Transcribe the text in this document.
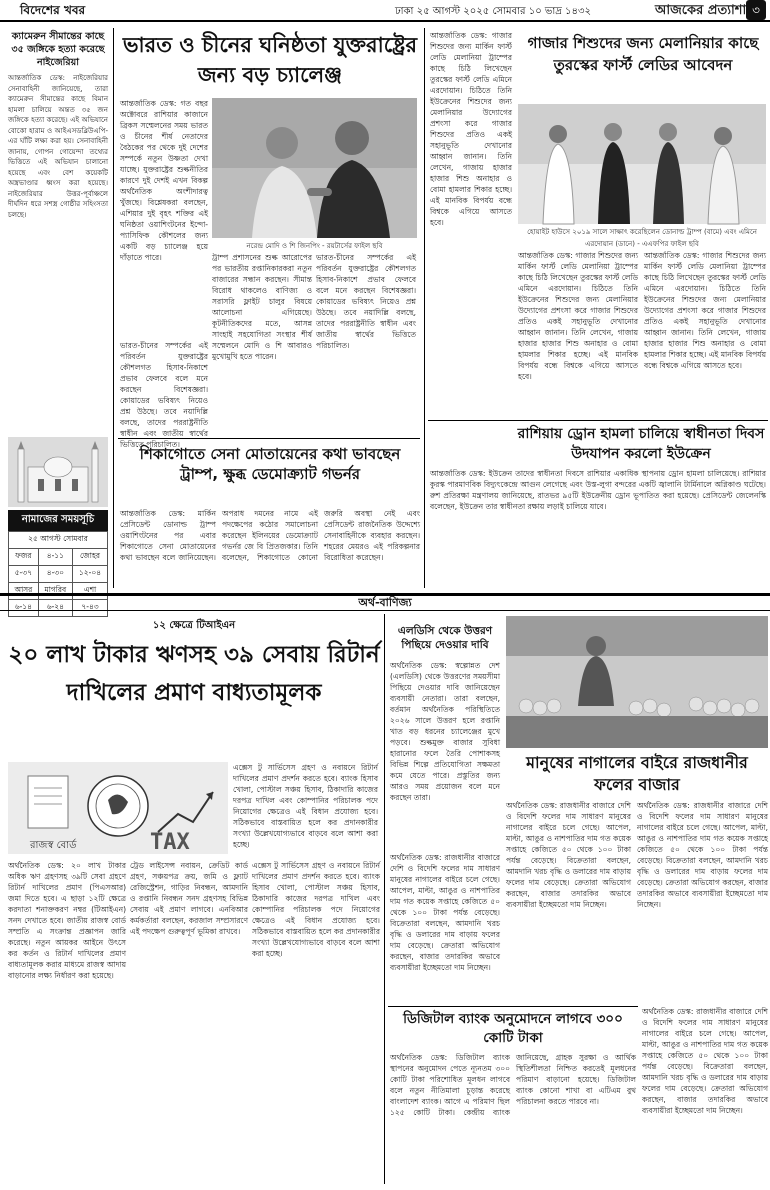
বিদেশের খবর	ঢাকা ২৫ আগস্ট ২০২৫ সোমবার ১০ ভাদ্র ১৪৩২	আজকের প্রত্যাশা ৩
ক্যামেরুন সীমান্তের কাছে ৩৫ জঙ্গিকে হত্যা করেছে নাইজেরিয়া
আন্তর্জাতিক ডেস্ক: নাইজেরিয়ার সেনাবাহিনী জানিয়েছে, তারা ক্যামেরুন সীমান্তের কাছে বিমান হামলা চালিয়ে অন্তত ৩৫ জন জঙ্গিকে হত্যা করেছে। এই অভিযানে বোকো হারাম ও আইএসডব্লিউএপি-এর ঘাঁটি লক্ষ্য করা হয়। সেনাবাহিনী জানায়, গোপন গোয়েন্দা তথ্যের ভিত্তিতে এই অভিযান চালানো হয়েছে এবং বেশ কয়েকটি অস্ত্রভাণ্ডার ধ্বংস করা হয়েছে। নাইজেরিয়ার উত্তর-পূর্বাঞ্চলে দীর্ঘদিন ধরে সশস্ত্র গোষ্ঠীর সহিংসতা চলছে।
নামাজের সময়সূচি
২৫ আগস্ট সোমবার
ফজর	৪-১১	জোহর
৫-৩৭	৪-৩০	১২-০৪
আসর	মাগরিব	এশা
৬-১৪	৬-২৪	৭-৪৩
ভারত ও চীনের ঘনিষ্ঠতা যুক্তরাষ্ট্রের জন্য বড় চ্যালেঞ্জ
আন্তর্জাতিক ডেস্ক: গত বছর অক্টোবরে রাশিয়ার কাজানে ব্রিকস সম্মেলনের সময় ভারত ও চীনের শীর্ষ নেতাদের বৈঠকের পর থেকে দুই দেশের সম্পর্কে নতুন উষ্ণতা দেখা যাচ্ছে। যুক্তরাষ্ট্রের শুল্কনীতির কারণে দুই দেশই এখন বিকল্প অর্থনৈতিক অংশীদারত্ব খুঁজছে। বিশ্লেষকরা বলছেন, এশিয়ার দুই বৃহৎ শক্তির এই ঘনিষ্ঠতা ওয়াশিংটনের ইন্দো-প্যাসিফিক কৌশলের জন্য একটি বড় চ্যালেঞ্জ হয়ে দাঁড়াতে পারে।
নরেন্দ্র মোদি ও শি জিনপিং - রয়টার্সের ফাইল ছবি
ট্রাম্প প্রশাসনের শুল্ক আরোপের পর ভারতীয় রপ্তানিকারকরা নতুন বাজারের সন্ধান করছেন। সীমান্ত বিরোধ থাকলেও বাণিজ্য ও সরাসরি ফ্লাইট চালুর বিষয়ে আলোচনা এগিয়েছে। কূটনীতিকদের মতে, আসন্ন সাংহাই সহযোগিতা সংস্থার শীর্ষ সম্মেলনে মোদি ও শি আবারও মুখোমুখি হতে পারেন।
ভারত-চীনের সম্পর্কের এই পরিবর্তন যুক্তরাষ্ট্রের কৌশলগত হিসাব-নিকাশে প্রভাব ফেলবে বলে মনে করছেন বিশেষজ্ঞরা। কোয়াডের ভবিষ্যৎ নিয়েও প্রশ্ন উঠছে। তবে নয়াদিল্লি বলছে, তাদের পররাষ্ট্রনীতি স্বাধীন এবং জাতীয় স্বার্থের ভিত্তিতে পরিচালিত।
ভারত-চীনের সম্পর্কের এই পরিবর্তন যুক্তরাষ্ট্রের কৌশলগত হিসাব-নিকাশে প্রভাব ফেলবে বলে মনে করছেন বিশেষজ্ঞরা। কোয়াডের ভবিষ্যৎ নিয়েও প্রশ্ন উঠছে। তবে নয়াদিল্লি বলছে, তাদের পররাষ্ট্রনীতি স্বাধীন এবং জাতীয় স্বার্থের ভিত্তিতে পরিচালিত।
শিকাগোতে সেনা মোতায়েনের কথা ভাবছেন ট্রাম্প, ক্ষুব্ধ ডেমোক্র্যাট গভর্নর
আন্তর্জাতিক ডেস্ক: মার্কিন প্রেসিডেন্ট ডোনাল্ড ট্রাম্প ওয়াশিংটনের পর এবার শিকাগোতে সেনা মোতায়েনের কথা ভাবছেন বলে জানিয়েছেন। অপরাধ দমনের নামে এই পদক্ষেপের কঠোর সমালোচনা করেছেন ইলিনয়ের ডেমোক্র্যাট গভর্নর জে বি প্রিতজকার। তিনি বলেছেন, শিকাগোতে কোনো জরুরি অবস্থা নেই এবং প্রেসিডেন্ট রাজনৈতিক উদ্দেশ্যে সেনাবাহিনীকে ব্যবহার করছেন। শহরের মেয়রও এই পরিকল্পনার বিরোধিতা করেছেন।
আন্তর্জাতিক ডেস্ক: গাজার শিশুদের জন্য মার্কিন ফার্স্ট লেডি মেলানিয়া ট্রাম্পের কাছে চিঠি লিখেছেন তুরস্কের ফার্স্ট লেডি এমিনে এরদোয়ান। চিঠিতে তিনি ইউক্রেনের শিশুদের জন্য মেলানিয়ার উদ্যোগের প্রশংসা করে গাজার শিশুদের প্রতিও একই সহানুভূতি দেখানোর আহ্বান জানান। তিনি লেখেন, গাজায় হাজার হাজার শিশু অনাহার ও বোমা হামলার শিকার হচ্ছে। এই মানবিক বিপর্যয় বন্ধে বিশ্বকে এগিয়ে আসতে হবে।
গাজার শিশুদের জন্য মেলানিয়ার কাছে তুরস্কের ফার্স্ট লেডির আবেদন
হোয়াইট হাউসে ২০১৯ সালে সাক্ষাৎ করেছিলেন ডোনাল্ড ট্রাম্প (বামে) এবং এমিনে এরদোয়ান (ডানে) - এএফপির ফাইল ছবি
আন্তর্জাতিক ডেস্ক: গাজার শিশুদের জন্য মার্কিন ফার্স্ট লেডি মেলানিয়া ট্রাম্পের কাছে চিঠি লিখেছেন তুরস্কের ফার্স্ট লেডি এমিনে এরদোয়ান। চিঠিতে তিনি ইউক্রেনের শিশুদের জন্য মেলানিয়ার উদ্যোগের প্রশংসা করে গাজার শিশুদের প্রতিও একই সহানুভূতি দেখানোর আহ্বান জানান। তিনি লেখেন, গাজায় হাজার হাজার শিশু অনাহার ও বোমা হামলার শিকার হচ্ছে। এই মানবিক বিপর্যয় বন্ধে বিশ্বকে এগিয়ে আসতে হবে।
আন্তর্জাতিক ডেস্ক: গাজার শিশুদের জন্য মার্কিন ফার্স্ট লেডি মেলানিয়া ট্রাম্পের কাছে চিঠি লিখেছেন তুরস্কের ফার্স্ট লেডি এমিনে এরদোয়ান। চিঠিতে তিনি ইউক্রেনের শিশুদের জন্য মেলানিয়ার উদ্যোগের প্রশংসা করে গাজার শিশুদের প্রতিও একই সহানুভূতি দেখানোর আহ্বান জানান। তিনি লেখেন, গাজায় হাজার হাজার শিশু অনাহার ও বোমা হামলার শিকার হচ্ছে। এই মানবিক বিপর্যয় বন্ধে বিশ্বকে এগিয়ে আসতে হবে।
রাশিয়ায় ড্রোন হামলা চালিয়ে স্বাধীনতা দিবস উদযাপন করলো ইউক্রেন
আন্তর্জাতিক ডেস্ক: ইউক্রেন তাদের স্বাধীনতা দিবসে রাশিয়ার একাধিক স্থাপনায় ড্রোন হামলা চালিয়েছে। রাশিয়ার কুরস্ক পারমাণবিক বিদ্যুৎকেন্দ্রে আগুন লেগেছে এবং উস্ত-লুগা বন্দরের একটি জ্বালানি টার্মিনালে অগ্নিকাণ্ড ঘটেছে। রুশ প্রতিরক্ষা মন্ত্রণালয় জানিয়েছে, রাতভর ৯৫টি ইউক্রেনীয় ড্রোন ভূপাতিত করা হয়েছে। প্রেসিডেন্ট জেলেনস্কি বলেছেন, ইউক্রেন তার স্বাধীনতা রক্ষায় লড়াই চালিয়ে যাবে।
অর্থ-বাণিজ্য
১২ ক্ষেত্রে টিআইএন
২০ লাখ টাকার ঋণসহ ৩৯ সেবায় রিটার্ন দাখিলের প্রমাণ বাধ্যতামূলক
TAX
রাজস্ব বোর্ড
অর্থনৈতিক ডেস্ক: ২০ লাখ টাকার অধিক ঋণ গ্রহণসহ ৩৯টি সেবা গ্রহণে রিটার্ন দাখিলের প্রমাণ (পিএসআর) জমা দিতে হবে। এ ছাড়া ১২টি ক্ষেত্রে করদাতা শনাক্তকরণ নম্বর (টিআইএন) সনদ দেখাতে হবে। জাতীয় রাজস্ব বোর্ড সম্প্রতি এ সংক্রান্ত প্রজ্ঞাপন জারি করেছে। নতুন আয়কর আইনে উৎসে কর কর্তন ও রিটার্ন দাখিলের প্রমাণ বাধ্যতামূলক করার মাধ্যমে রাজস্ব আদায় বাড়ানোর লক্ষ্য নির্ধারণ করা হয়েছে।
ট্রেড লাইসেন্স নবায়ন, ক্রেডিট কার্ড গ্রহণ, সঞ্চয়পত্র ক্রয়, জমি ও ফ্ল্যাট রেজিস্ট্রেশন, গাড়ির নিবন্ধন, আমদানি ও রপ্তানি নিবন্ধন সনদ গ্রহণসহ বিভিন্ন সেবায় এই প্রমাণ লাগবে। এনবিআর কর্মকর্তারা বলছেন, করজাল সম্প্রসারণে এই পদক্ষেপ গুরুত্বপূর্ণ ভূমিকা রাখবে।
এক্সেস টু সার্ভিসেস গ্রহণ ও নবায়নে রিটার্ন দাখিলের প্রমাণ প্রদর্শন করতে হবে। ব্যাংক হিসাব খোলা, পোস্টাল সঞ্চয় হিসাব, ঠিকাদারি কাজের দরপত্র দাখিল এবং কোম্পানির পরিচালক পদে নিয়োগের ক্ষেত্রেও এই বিধান প্রযোজ্য হবে। সঠিকভাবে বাস্তবায়িত হলে কর প্রদানকারীর সংখ্যা উল্লেখযোগ্যভাবে বাড়বে বলে আশা করা হচ্ছে।
এক্সেস টু সার্ভিসেস গ্রহণ ও নবায়নে রিটার্ন দাখিলের প্রমাণ প্রদর্শন করতে হবে। ব্যাংক হিসাব খোলা, পোস্টাল সঞ্চয় হিসাব, ঠিকাদারি কাজের দরপত্র দাখিল এবং কোম্পানির পরিচালক পদে নিয়োগের ক্ষেত্রেও এই বিধান প্রযোজ্য হবে। সঠিকভাবে বাস্তবায়িত হলে কর প্রদানকারীর সংখ্যা উল্লেখযোগ্যভাবে বাড়বে বলে আশা করা হচ্ছে।
এলডিসি থেকে উত্তরণ পিছিয়ে দেওয়ার দাবি
অর্থনৈতিক ডেস্ক: স্বল্পোন্নত দেশ (এলডিসি) থেকে উত্তরণের সময়সীমা পিছিয়ে দেওয়ার দাবি জানিয়েছেন ব্যবসায়ী নেতারা। তারা বলছেন, বর্তমান অর্থনৈতিক পরিস্থিতিতে ২০২৬ সালে উত্তরণ হলে রপ্তানি খাত বড় ধরনের চ্যালেঞ্জের মুখে পড়বে। শুল্কমুক্ত বাজার সুবিধা হারানোর ফলে তৈরি পোশাকসহ বিভিন্ন শিল্পে প্রতিযোগিতা সক্ষমতা কমে যেতে পারে। প্রস্তুতির জন্য আরও সময় প্রয়োজন বলে মনে করছেন তারা।
মানুষের নাগালের বাইরে রাজধানীর ফলের বাজার
অর্থনৈতিক ডেস্ক: রাজধানীর বাজারে দেশি ও বিদেশি ফলের দাম সাধারণ মানুষের নাগালের বাইরে চলে গেছে। আপেল, মাল্টা, আঙুর ও নাশপাতির দাম গত কয়েক সপ্তাহে কেজিতে ৫০ থেকে ১০০ টাকা পর্যন্ত বেড়েছে। বিক্রেতারা বলছেন, আমদানি খরচ বৃদ্ধি ও ডলারের দাম বাড়ায় ফলের দাম বেড়েছে। ক্রেতারা অভিযোগ করছেন, বাজার তদারকির অভাবে ব্যবসায়ীরা ইচ্ছেমতো দাম নিচ্ছেন।
অর্থনৈতিক ডেস্ক: রাজধানীর বাজারে দেশি ও বিদেশি ফলের দাম সাধারণ মানুষের নাগালের বাইরে চলে গেছে। আপেল, মাল্টা, আঙুর ও নাশপাতির দাম গত কয়েক সপ্তাহে কেজিতে ৫০ থেকে ১০০ টাকা পর্যন্ত বেড়েছে। বিক্রেতারা বলছেন, আমদানি খরচ বৃদ্ধি ও ডলারের দাম বাড়ায় ফলের দাম বেড়েছে। ক্রেতারা অভিযোগ করছেন, বাজার তদারকির অভাবে ব্যবসায়ীরা ইচ্ছেমতো দাম নিচ্ছেন।
অর্থনৈতিক ডেস্ক: রাজধানীর বাজারে দেশি ও বিদেশি ফলের দাম সাধারণ মানুষের নাগালের বাইরে চলে গেছে। আপেল, মাল্টা, আঙুর ও নাশপাতির দাম গত কয়েক সপ্তাহে কেজিতে ৫০ থেকে ১০০ টাকা পর্যন্ত বেড়েছে। বিক্রেতারা বলছেন, আমদানি খরচ বৃদ্ধি ও ডলারের দাম বাড়ায় ফলের দাম বেড়েছে। ক্রেতারা অভিযোগ করছেন, বাজার তদারকির অভাবে ব্যবসায়ীরা ইচ্ছেমতো দাম নিচ্ছেন।
ডিজিটাল ব্যাংক অনুমোদনে লাগবে ৩০০ কোটি টাকা
অর্থনৈতিক ডেস্ক: ডিজিটাল ব্যাংক স্থাপনের অনুমোদন পেতে ন্যূনতম ৩০০ কোটি টাকা পরিশোধিত মূলধন লাগবে বলে নতুন নীতিমালা চূড়ান্ত করেছে বাংলাদেশ ব্যাংক। আগে এ পরিমাণ ছিল ১২৫ কোটি টাকা। কেন্দ্রীয় ব্যাংক জানিয়েছে, গ্রাহক সুরক্ষা ও আর্থিক স্থিতিশীলতা নিশ্চিত করতেই মূলধনের পরিমাণ বাড়ানো হয়েছে। ডিজিটাল ব্যাংক কোনো শাখা বা এটিএম বুথ পরিচালনা করতে পারবে না।
অর্থনৈতিক ডেস্ক: রাজধানীর বাজারে দেশি ও বিদেশি ফলের দাম সাধারণ মানুষের নাগালের বাইরে চলে গেছে। আপেল, মাল্টা, আঙুর ও নাশপাতির দাম গত কয়েক সপ্তাহে কেজিতে ৫০ থেকে ১০০ টাকা পর্যন্ত বেড়েছে। বিক্রেতারা বলছেন, আমদানি খরচ বৃদ্ধি ও ডলারের দাম বাড়ায় ফলের দাম বেড়েছে। ক্রেতারা অভিযোগ করছেন, বাজার তদারকির অভাবে ব্যবসায়ীরা ইচ্ছেমতো দাম নিচ্ছেন।
